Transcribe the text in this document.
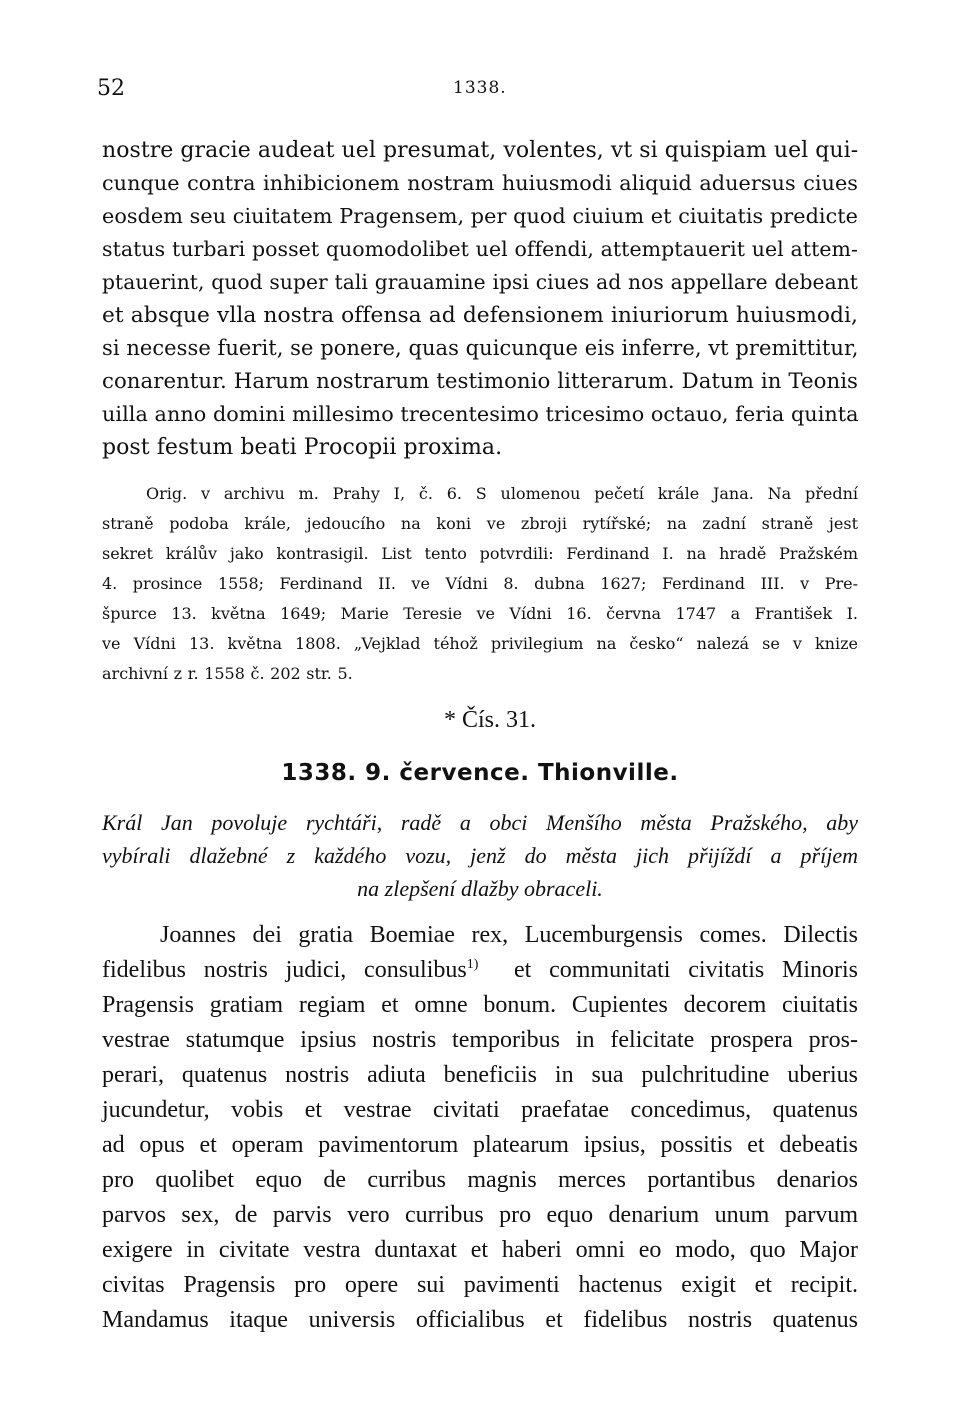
52	1338.
nostre gracie audeat uel presumat, volentes, vt si quispiam uel qui-
cunque contra inhibicionem nostram huiusmodi aliquid aduersus ciues
eosdem seu ciuitatem Pragensem, per quod ciuium et ciuitatis predicte
status turbari posset quomodolibet uel offendi, attemptauerit uel attem-
ptauerint, quod super tali grauamine ipsi ciues ad nos appellare debeant
et absque vlla nostra offensa ad defensionem iniuriorum huiusmodi,
si necesse fuerit, se ponere, quas quicunque eis inferre, vt premittitur,
conarentur. Harum nostrarum testimonio litterarum. Datum in Teonis
uilla anno domini millesimo trecentesimo tricesimo octauo, feria quinta
post festum beati Procopii proxima.
Orig. v archivu m. Prahy I, č. 6. S ulomenou pečetí krále Jana. Na přední
straně podoba krále, jedoucího na koni ve zbroji rytířské; na zadní straně jest
sekret králův jako kontrasigil. List tento potvrdili: Ferdinand I. na hradě Pražském
4. prosince 1558; Ferdinand II. ve Vídni 8. dubna 1627; Ferdinand III. v Pre-
špurce 13. května 1649; Marie Teresie ve Vídni 16. června 1747 a František I.
ve Vídni 13. května 1808. „Vejklad téhož privilegium na česko“ nalezá se v knize
archivní z r. 1558 č. 202 str. 5.
* Čís. 31.
1338. 9. července. Thionville.
Král Jan povoluje rychtáři, radě a obci Menšího města Pražského, aby
vybírali dlažebné z každého vozu, jenž do města jich přijíždí a příjem
na zlepšení dlažby obraceli.
Joannes dei gratia Boemiae rex, Lucemburgensis comes. Dilectis
fidelibus nostris judici, consulibus$^{1)}$ et communitati civitatis Minoris
Pragensis gratiam regiam et omne bonum. Cupientes decorem ciuitatis
vestrae statumque ipsius nostris temporibus in felicitate prospera pros-
perari, quatenus nostris adiuta beneficiis in sua pulchritudine uberius
jucundetur, vobis et vestrae civitati praefatae concedimus, quatenus
ad opus et operam pavimentorum platearum ipsius, possitis et debeatis
pro quolibet equo de curribus magnis merces portantibus denarios
parvos sex, de parvis vero curribus pro equo denarium unum parvum
exigere in civitate vestra duntaxat et haberi omni eo modo, quo Major
civitas Pragensis pro opere sui pavimenti hactenus exigit et recipit.
Mandamus itaque universis officialibus et fidelibus nostris quatenus
